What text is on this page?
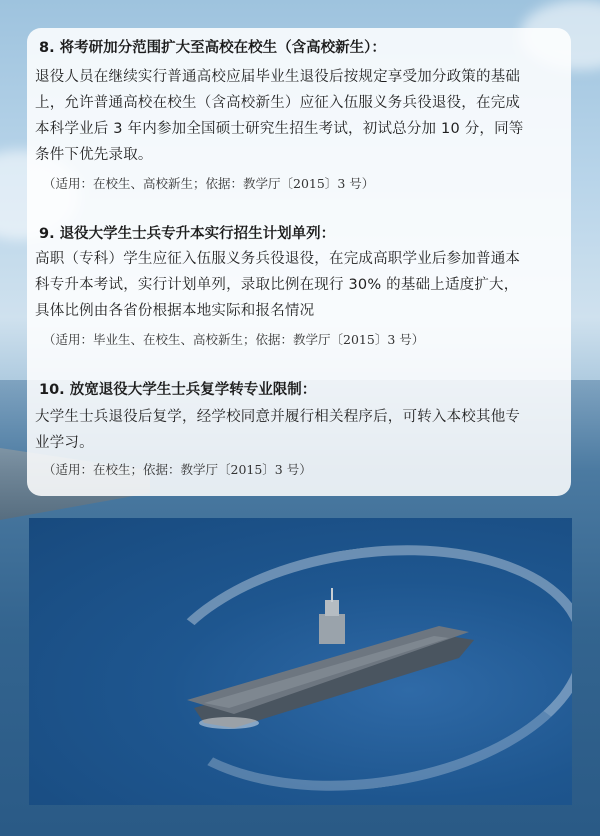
8. 将考研加分范围扩大至高校在校生（含高校新生）：
退役人员在继续实行普通高校应届毕业生退役后按规定享受加分政策的基础
上，允许普通高校在校生（含高校新生）应征入伍服义务兵役退役，在完成
本科学业后 3 年内参加全国硕士研究生招生考试，初试总分加 10 分，同等
条件下优先录取。
（适用：在校生、高校新生；依据：教学厅〔2015〕3 号）
9. 退役大学生士兵专升本实行招生计划单列：
高职（专科）学生应征入伍服义务兵役退役，在完成高职学业后参加普通本
科专升本考试，实行计划单列，录取比例在现行 30% 的基础上适度扩大，
具体比例由各省份根据本地实际和报名情况
（适用：毕业生、在校生、高校新生；依据：教学厅〔2015〕3 号）
10. 放宽退役大学生士兵复学转专业限制：
大学生士兵退役后复学，经学校同意并履行相关程序后，可转入本校其他专
业学习。
（适用：在校生；依据：教学厅〔2015〕3 号）
